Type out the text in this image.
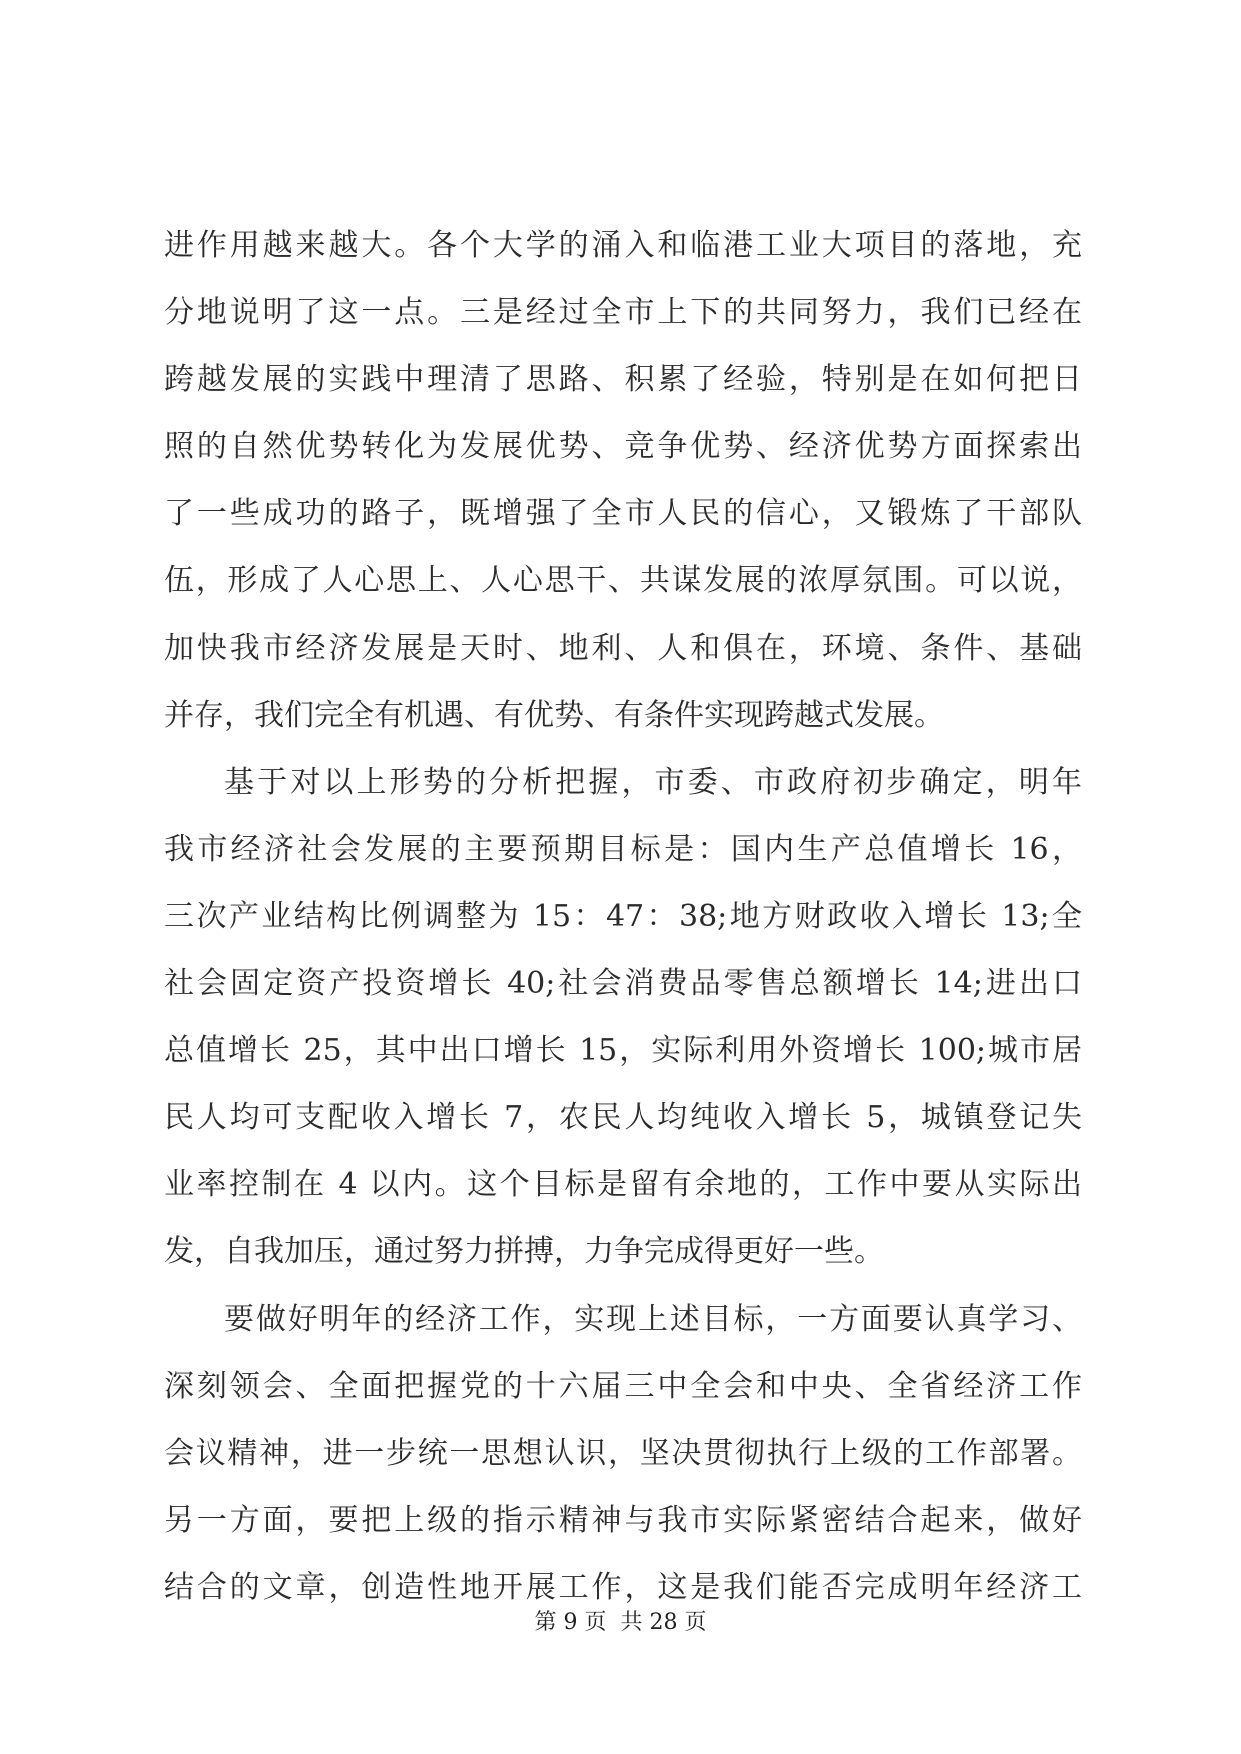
进作用越来越大。各个大学的涌入和临港工业大项目的落地，充
分地说明了这一点。三是经过全市上下的共同努力，我们已经在
跨越发展的实践中理清了思路、积累了经验，特别是在如何把日
照的自然优势转化为发展优势、竞争优势、经济优势方面探索出
了一些成功的路子，既增强了全市人民的信心，又锻炼了干部队
伍，形成了人心思上、人心思干、共谋发展的浓厚氛围。可以说，
加快我市经济发展是天时、地利、人和俱在，环境、条件、基础
并存，我们完全有机遇、有优势、有条件实现跨越式发展。
基于对以上形势的分析把握，市委、市政府初步确定，明年
我市经济社会发展的主要预期目标是：国内生产总值增长 16，
三次产业结构比例调整为 15：47：38;地方财政收入增长 13;全
社会固定资产投资增长 40;社会消费品零售总额增长 14;进出口
总值增长 25，其中出口增长 15，实际利用外资增长 100;城市居
民人均可支配收入增长 7，农民人均纯收入增长 5，城镇登记失
业率控制在 4 以内。这个目标是留有余地的，工作中要从实际出
发，自我加压，通过努力拼搏，力争完成得更好一些。
要做好明年的经济工作，实现上述目标，一方面要认真学习、
深刻领会、全面把握党的十六届三中全会和中央、全省经济工作
会议精神，进一步统一思想认识，坚决贯彻执行上级的工作部署。
另一方面，要把上级的指示精神与我市实际紧密结合起来，做好
结合的文章，创造性地开展工作，这是我们能否完成明年经济工
第 9 页  共 28 页
